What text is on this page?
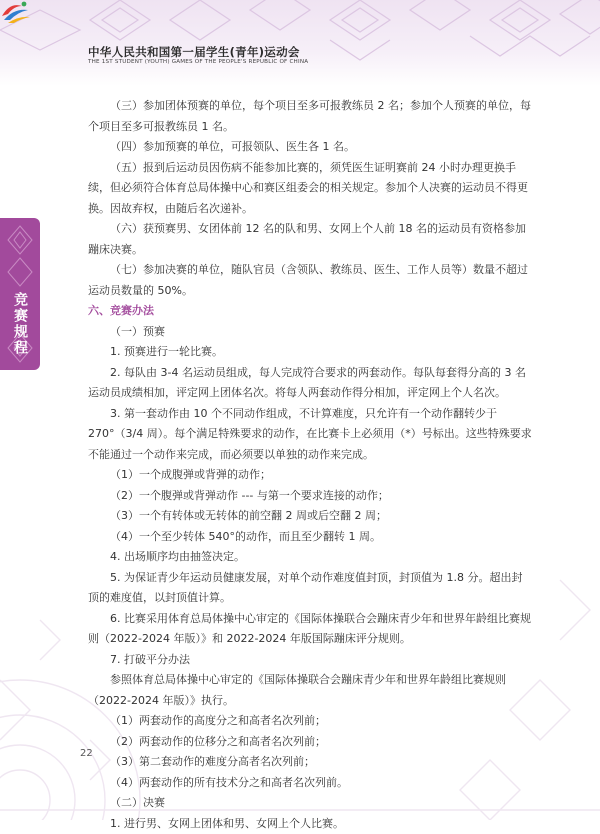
中华人民共和国第一届学生(青年)运动会
THE 1ST STUDENT (YOUTH) GAMES OF THE PEOPLE'S REPUBLIC OF CHINA
竞赛规程

（三）参加团体预赛的单位，每个项目至多可报教练员 2 名；参加个人预赛的单位，每个项目至多可报教练员 1 名。

（四）参加预赛的单位，可报领队、医生各 1 名。

（五）报到后运动员因伤病不能参加比赛的，须凭医生证明赛前 24 小时办理更换手续，但必须符合体育总局体操中心和赛区组委会的相关规定。参加个人决赛的运动员不得更换。因故弃权，由随后名次递补。

（六）获预赛男、女团体前 12 名的队和男、女网上个人前 18 名的运动员有资格参加蹦床决赛。

（七）参加决赛的单位，随队官员（含领队、教练员、医生、工作人员等）数量不超过运动员数量的 50%。

六、竞赛办法

（一）预赛

1. 预赛进行一轮比赛。

2. 每队由 3-4 名运动员组成，每人完成符合要求的两套动作。每队每套得分高的 3 名运动员成绩相加，评定网上团体名次。将每人两套动作得分相加，评定网上个人名次。

3. 第一套动作由 10 个不同动作组成，不计算难度，只允许有一个动作翻转少于 270°（3/4 周）。每个满足特殊要求的动作，在比赛卡上必须用（*）号标出。这些特殊要求不能通过一个动作来完成，而必须要以单独的动作来完成。

（1）一个成腹弹或背弹的动作；

（2）一个腹弹或背弹动作 --- 与第一个要求连接的动作；

（3）一个有转体或无转体的前空翻 2 周或后空翻 2 周；

（4）一个至少转体 540°的动作，而且至少翻转 1 周。

4. 出场顺序均由抽签决定。

5. 为保证青少年运动员健康发展，对单个动作难度值封顶，封顶值为 1.8 分。超出封顶的难度值，以封顶值计算。

6. 比赛采用体育总局体操中心审定的《国际体操联合会蹦床青少年和世界年龄组比赛规则（2022-2024 年版）》和 2022-2024 年版国际蹦床评分规则。

7. 打破平分办法

参照体育总局体操中心审定的《国际体操联合会蹦床青少年和世界年龄组比赛规则（2022-2024 年版）》执行。

（1）两套动作的高度分之和高者名次列前；

（2）两套动作的位移分之和高者名次列前；

（3）第二套动作的难度分高者名次列前；

（4）两套动作的所有技术分之和高者名次列前。

（二）决赛

1. 进行男、女网上团体和男、女网上个人比赛。

22
